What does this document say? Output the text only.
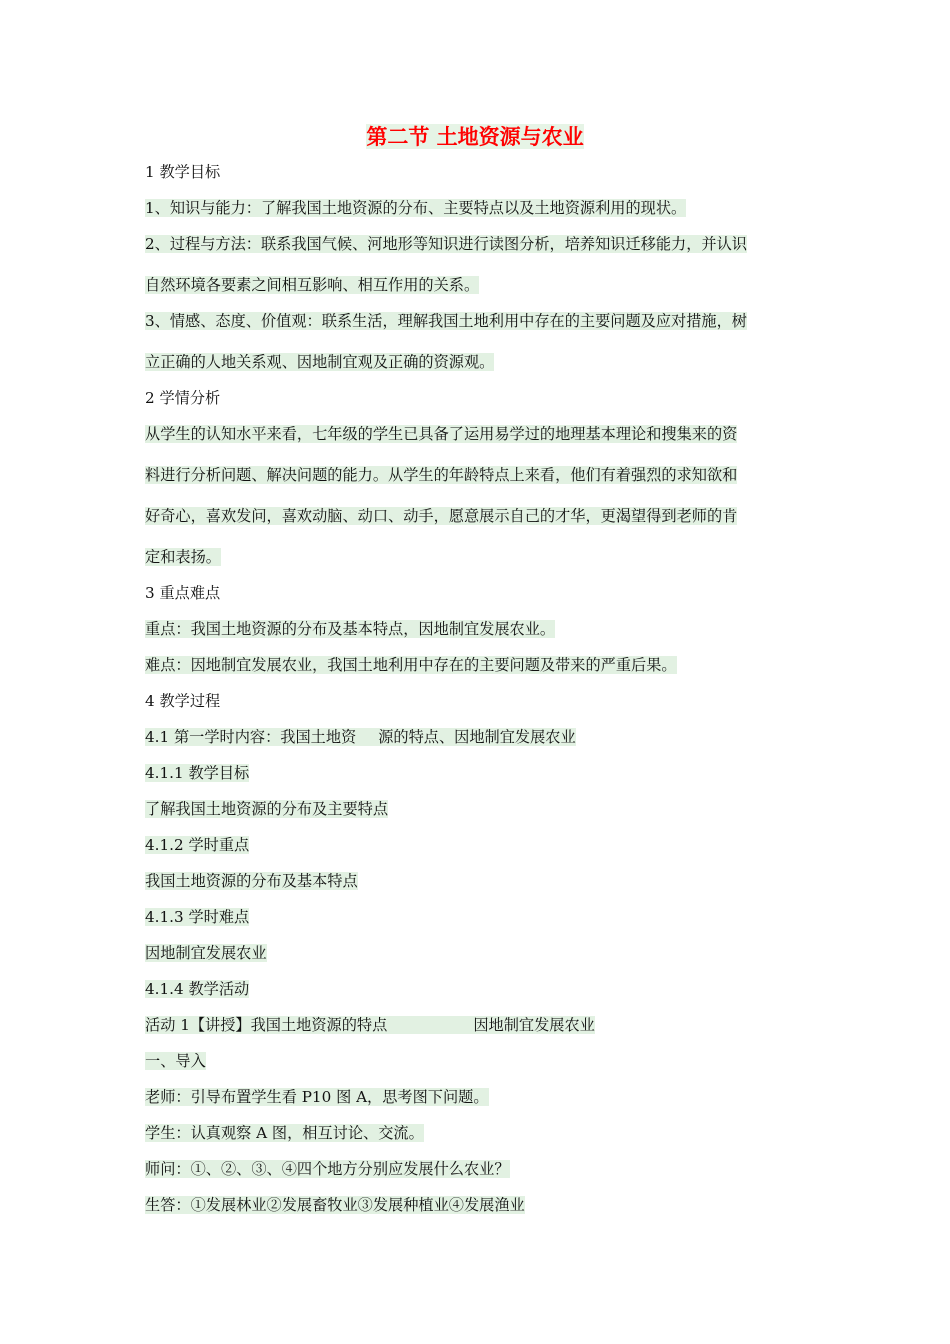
第二节 土地资源与农业

1 教学目标

1、知识与能力：了解我国土地资源的分布、主要特点以及土地资源利用的现状。

2、过程与方法：联系我国气候、河地形等知识进行读图分析，培养知识迁移能力，并认识

自然环境各要素之间相互影响、相互作用的关系。

3、情感、态度、价值观：联系生活，理解我国土地利用中存在的主要问题及应对措施，树

立正确的人地关系观、因地制宜观及正确的资源观。

2 学情分析

从学生的认知水平来看，七年级的学生已具备了运用易学过的地理基本理论和搜集来的资

料进行分析问题、解决问题的能力。从学生的年龄特点上来看，他们有着强烈的求知欲和

好奇心，喜欢发问，喜欢动脑、动口、动手，愿意展示自己的才华，更渴望得到老师的肯

定和表扬。

3 重点难点

重点：我国土地资源的分布及基本特点，因地制宜发展农业。

难点：因地制宜发展农业，我国土地利用中存在的主要问题及带来的严重后果。

4 教学过程

4.1 第一学时内容：我国土地资 源的特点、因地制宜发展农业

4.1.1 教学目标

了解我国土地资源的分布及主要特点

4.1.2 学时重点

我国土地资源的分布及基本特点

4.1.3 学时难点

因地制宜发展农业

4.1.4 教学活动

活动 1【讲授】我国土地资源的特点	因地制宜发展农业

一、导入

老师：引导布置学生看 P10 图 A，思考图下问题。

学生：认真观察 A 图，相互讨论、交流。

师问：①、②、③、④四个地方分别应发展什么农业？

生答：①发展林业②发展畜牧业③发展种植业④发展渔业
